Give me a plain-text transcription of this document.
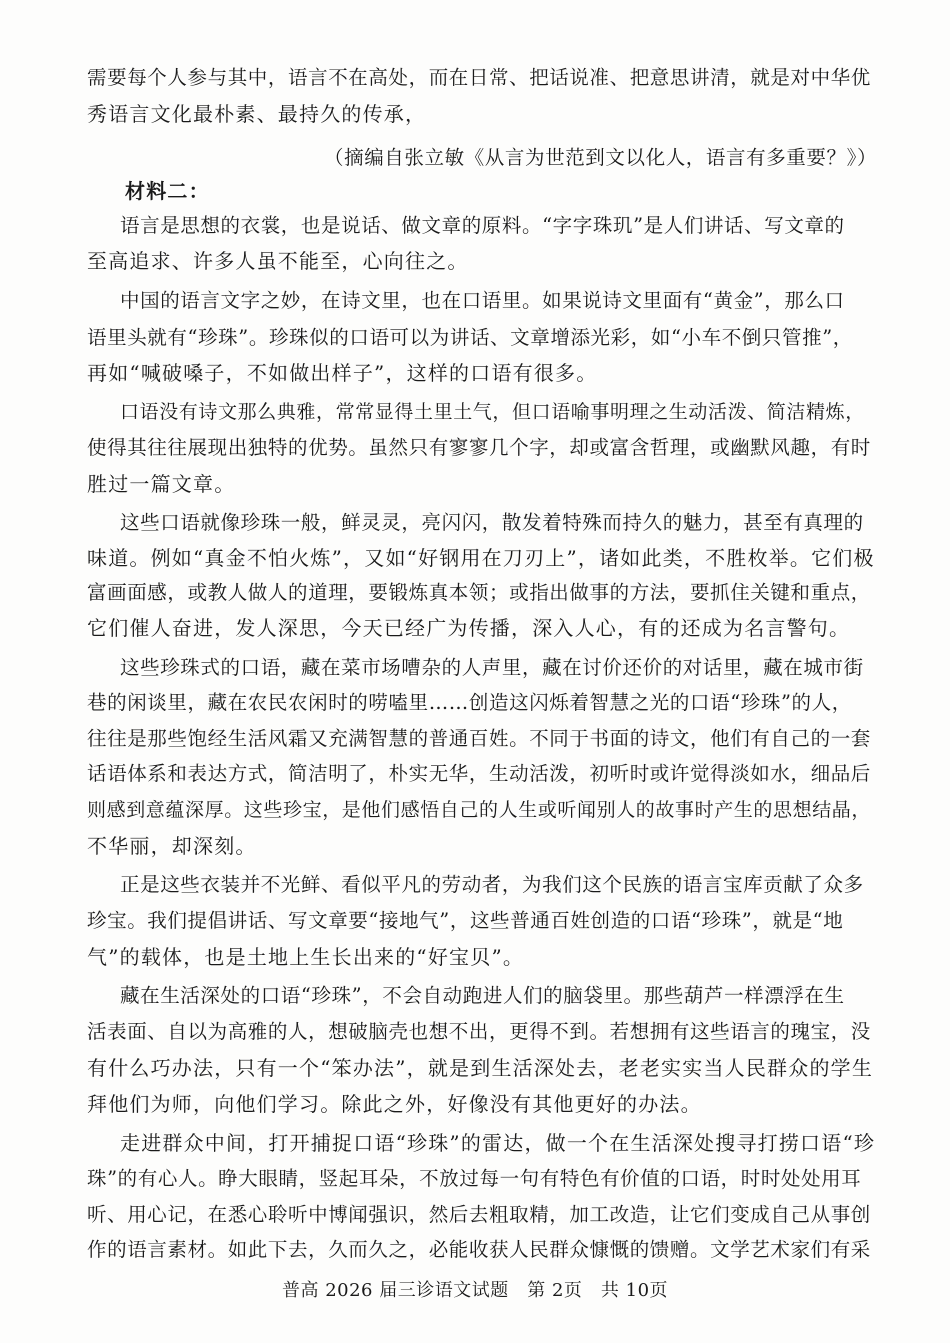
需要每个人参与其中，语言不在高处，而在日常、把话说准、把意思讲清，就是对中华优
秀语言文化最朴素、最持久的传承，
（摘编自张立敏《从言为世范到文以化人，语言有多重要？》）
材料二：
语言是思想的衣裳，也是说话、做文章的原料。“字字珠玑”是人们讲话、写文章的
至高追求、许多人虽不能至，心向往之。
中国的语言文字之妙，在诗文里，也在口语里。如果说诗文里面有“黄金”，那么口
语里头就有“珍珠”。珍珠似的口语可以为讲话、文章增添光彩，如“小车不倒只管推”，
再如“喊破嗓子，不如做出样子”，这样的口语有很多。
口语没有诗文那么典雅，常常显得土里土气，但口语喻事明理之生动活泼、简洁精炼，
使得其往往展现出独特的优势。虽然只有寥寥几个字，却或富含哲理，或幽默风趣，有时
胜过一篇文章。
这些口语就像珍珠一般，鲜灵灵，亮闪闪，散发着特殊而持久的魅力，甚至有真理的
味道。例如“真金不怕火炼”，又如“好钢用在刀刃上”，诸如此类，不胜枚举。它们极
富画面感，或教人做人的道理，要锻炼真本领；或指出做事的方法，要抓住关键和重点，
它们催人奋进，发人深思，今天已经广为传播，深入人心，有的还成为名言警句。
这些珍珠式的口语，藏在菜市场嘈杂的人声里，藏在讨价还价的对话里，藏在城市街
巷的闲谈里，藏在农民农闲时的唠嗑里……创造这闪烁着智慧之光的口语“珍珠”的人，
往往是那些饱经生活风霜又充满智慧的普通百姓。不同于书面的诗文，他们有自己的一套
话语体系和表达方式，简洁明了，朴实无华，生动活泼，初听时或许觉得淡如水，细品后
则感到意蕴深厚。这些珍宝，是他们感悟自己的人生或听闻别人的故事时产生的思想结晶，
不华丽，却深刻。
正是这些衣装并不光鲜、看似平凡的劳动者，为我们这个民族的语言宝库贡献了众多
珍宝。我们提倡讲话、写文章要“接地气”，这些普通百姓创造的口语“珍珠”，就是“地
气”的载体，也是土地上生长出来的“好宝贝”。
藏在生活深处的口语“珍珠”，不会自动跑进人们的脑袋里。那些葫芦一样漂浮在生
活表面、自以为高雅的人，想破脑壳也想不出，更得不到。若想拥有这些语言的瑰宝，没
有什么巧办法，只有一个“笨办法”，就是到生活深处去，老老实实当人民群众的学生
拜他们为师，向他们学习。除此之外，好像没有其他更好的办法。
走进群众中间，打开捕捉口语“珍珠”的雷达，做一个在生活深处搜寻打捞口语“珍
珠”的有心人。睁大眼睛，竖起耳朵，不放过每一句有特色有价值的口语，时时处处用耳
听、用心记，在悉心聆听中博闻强识，然后去粗取精，加工改造，让它们变成自己从事创
作的语言素材。如此下去，久而久之，必能收获人民群众慷慨的馈赠。文学艺术家们有采
普高 2026 届三诊语文试题　第 2页　共 10页
